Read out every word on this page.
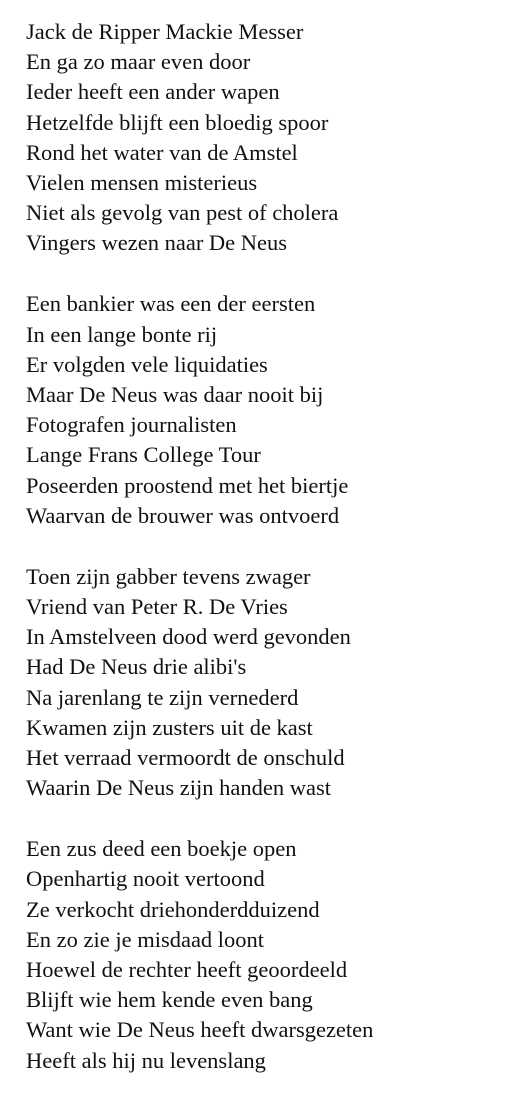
Jack de Ripper Mackie Messer
En ga zo maar even door
Ieder heeft een ander wapen
Hetzelfde blijft een bloedig spoor
Rond het water van de Amstel
Vielen mensen misterieus
Niet als gevolg van pest of cholera
Vingers wezen naar De Neus
Een bankier was een der eersten
In een lange bonte rij
Er volgden vele liquidaties
Maar De Neus was daar nooit bij
Fotografen journalisten
Lange Frans College Tour
Poseerden proostend met het biertje
Waarvan de brouwer was ontvoerd
Toen zijn gabber tevens zwager
Vriend van Peter R. De Vries
In Amstelveen dood werd gevonden
Had De Neus drie alibi's
Na jarenlang te zijn vernederd
Kwamen zijn zusters uit de kast
Het verraad vermoordt de onschuld
Waarin De Neus zijn handen wast
Een zus deed een boekje open
Openhartig nooit vertoond
Ze verkocht driehonderdduizend
En zo zie je misdaad loont
Hoewel de rechter heeft geoordeeld
Blijft wie hem kende even bang
Want wie De Neus heeft dwarsgezeten
Heeft als hij nu levenslang
